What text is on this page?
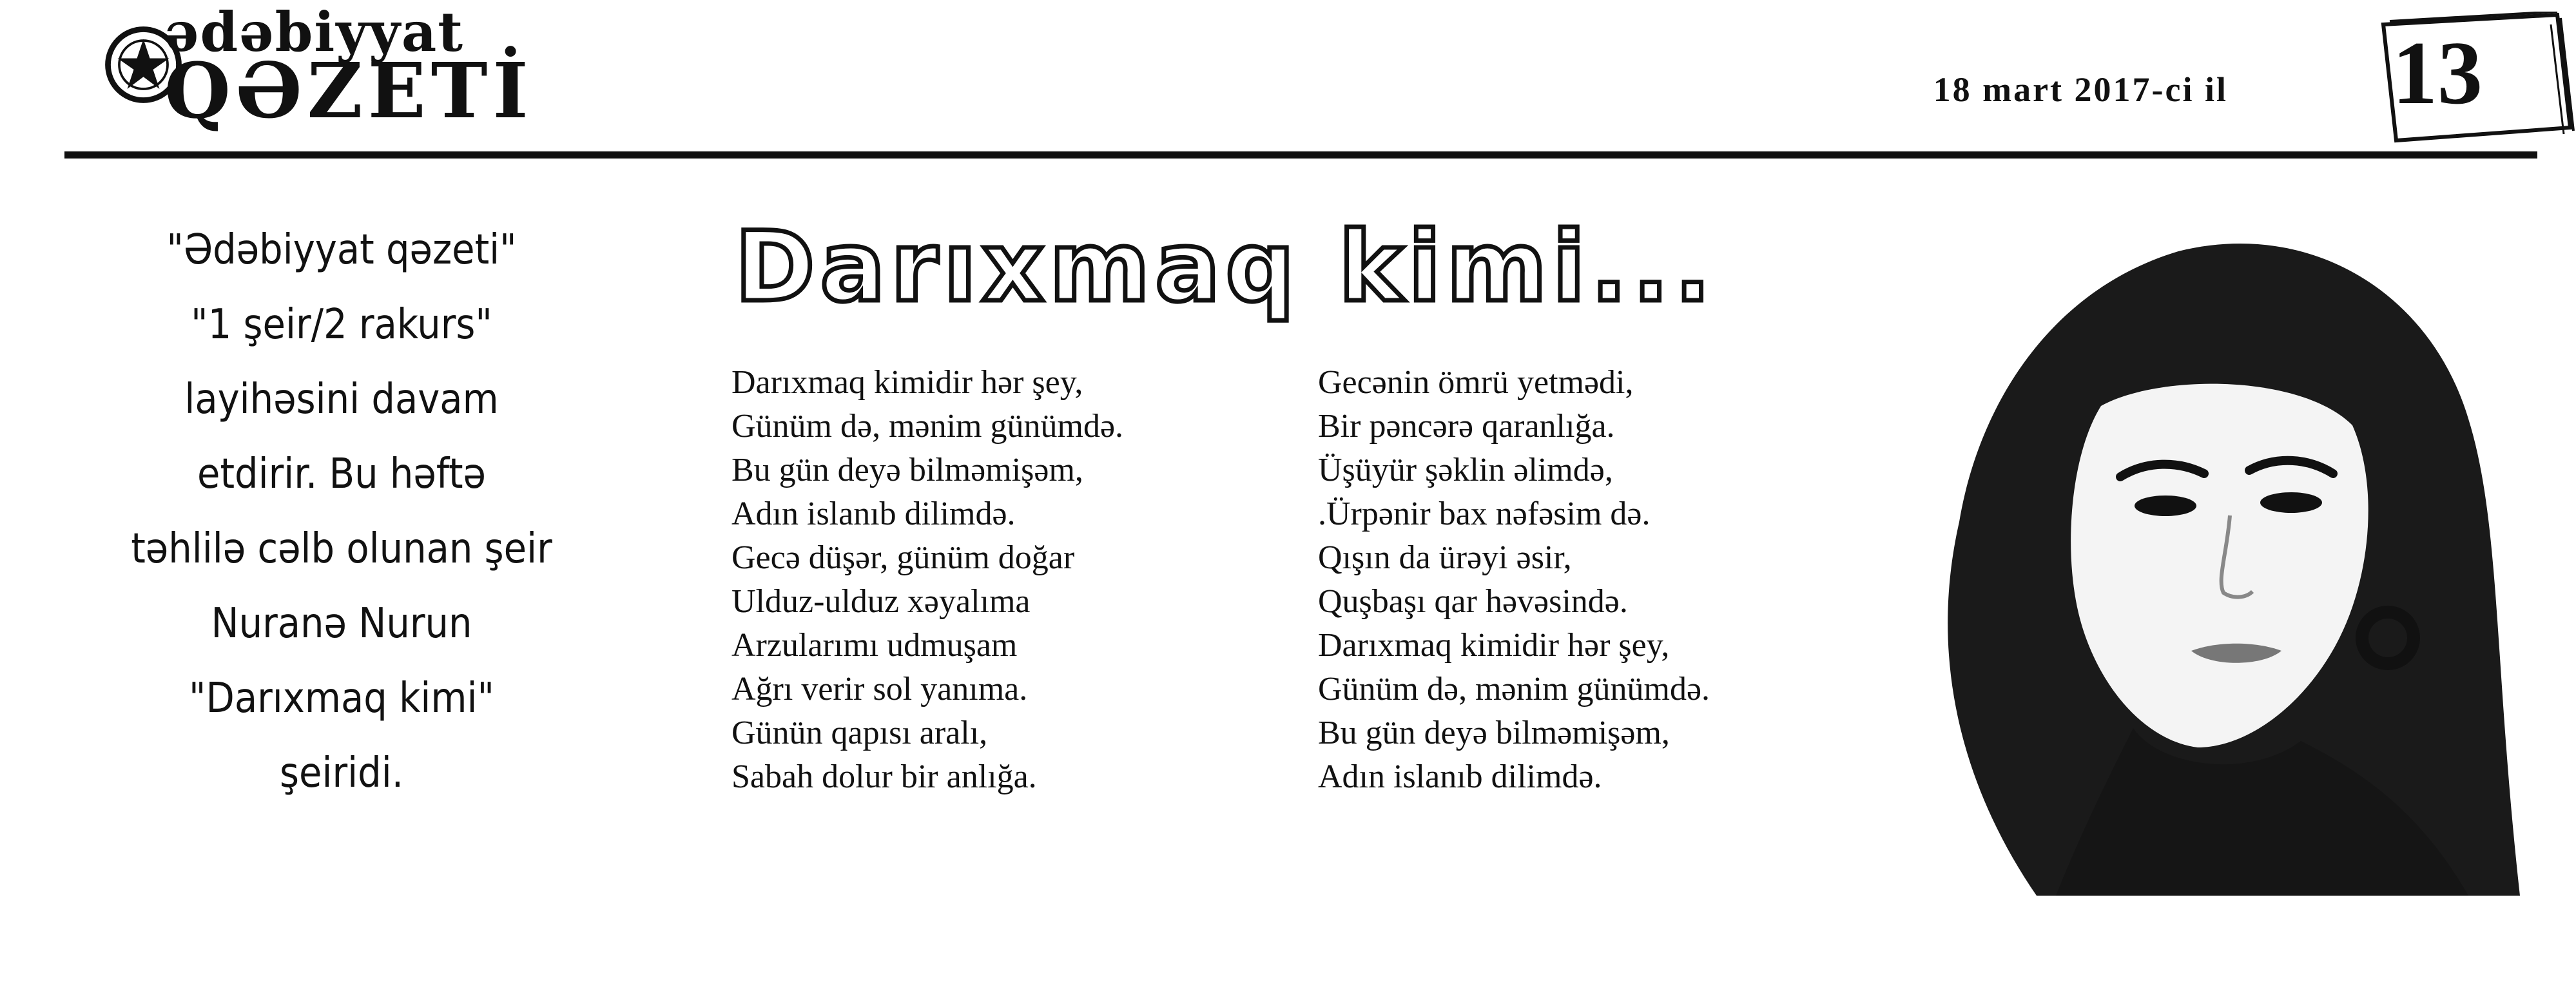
ədəbiyyat
QƏZETİ	18 mart 2017-ci il 13
"Ədəbiyyat qəzeti"
"1 şeir/2 rakurs"
layihəsini davam
etdirir. Bu həftə
təhlilə cəlb olunan şeir
Nuranə Nurun
"Darıxmaq kimi"
şeiridi.
Darıxmaq kimi...
Darıxmaq kimidir hər şey,
Günüm də, mənim günümdə.
Bu gün deyə bilməmişəm,
Adın islanıb dilimdə.
Gecə düşər, günüm doğar
Ulduz-ulduz xəyalıma
Arzularımı udmuşam
Ağrı verir sol yanıma.
Günün qapısı aralı,
Sabah dolur bir anlığa.
Gecənin ömrü yetmədi,
Bir pəncərə qaranlığa.
Üşüyür şəklin əlimdə,
.Ürpənir bax nəfəsim də.
Qışın da ürəyi əsir,
Quşbaşı qar həvəsində.
Darıxmaq kimidir hər şey,
Günüm də, mənim günümdə.
Bu gün deyə bilməmişəm,
Adın islanıb dilimdə.
